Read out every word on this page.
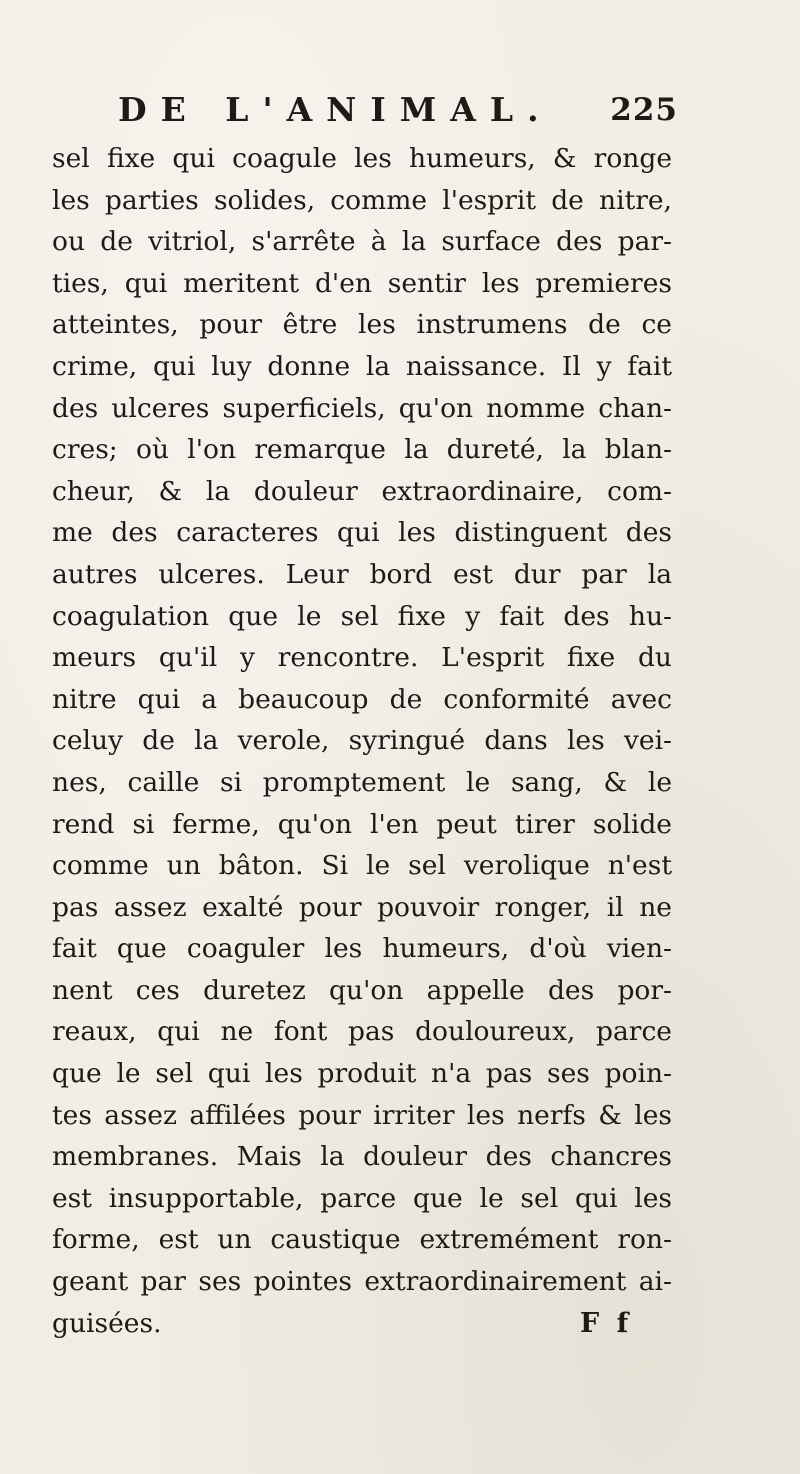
DE L'ANIMAL. 225
sel fixe qui coagule les humeurs, & ronge
les parties solides, comme l'esprit de nitre,
ou de vitriol, s'arrête à la surface des par-
ties, qui meritent d'en sentir les premieres
atteintes, pour être les instrumens de ce
crime, qui luy donne la naissance. Il y fait
des ulceres superficiels, qu'on nomme chan-
cres; où l'on remarque la dureté, la blan-
cheur, & la douleur extraordinaire, com-
me des caracteres qui les distinguent des
autres ulceres. Leur bord est dur par la
coagulation que le sel fixe y fait des hu-
meurs qu'il y rencontre. L'esprit fixe du
nitre qui a beaucoup de conformité avec
celuy de la verole, syringué dans les vei-
nes, caille si promptement le sang, & le
rend si ferme, qu'on l'en peut tirer solide
comme un bâton. Si le sel verolique n'est
pas assez exalté pour pouvoir ronger, il ne
fait que coaguler les humeurs, d'où vien-
nent ces duretez qu'on appelle des por-
reaux, qui ne font pas douloureux, parce
que le sel qui les produit n'a pas ses poin-
tes assez affilées pour irriter les nerfs & les
membranes. Mais la douleur des chancres
est insupportable, parce que le sel qui les
forme, est un caustique extremément ron-
geant par ses pointes extraordinairement ai-
guisées.	F f
